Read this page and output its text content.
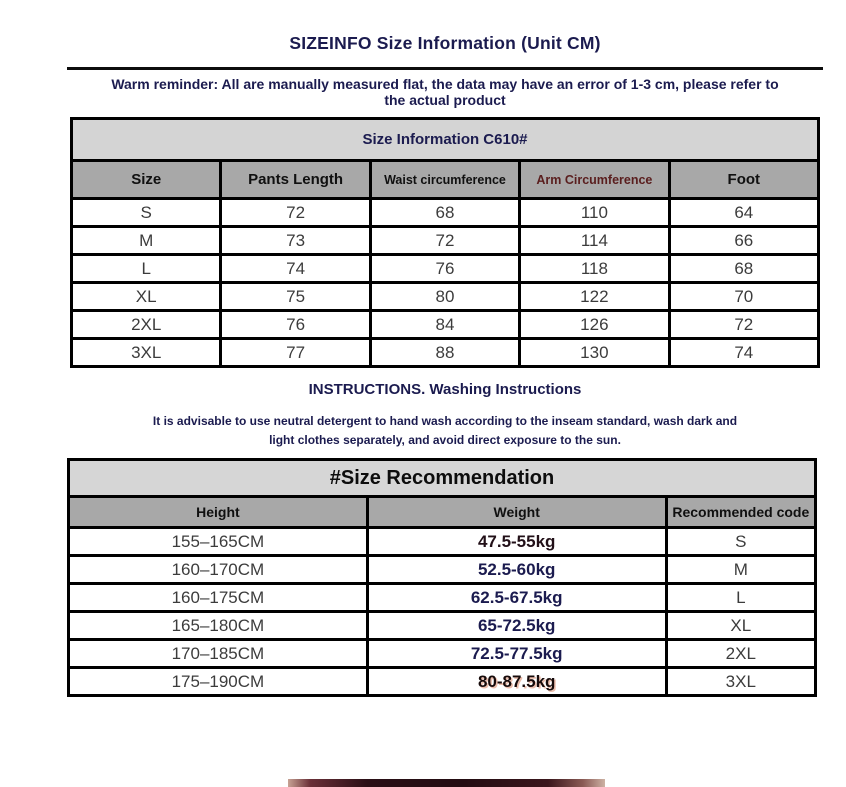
SIZEINFO Size Information (Unit CM)
Warm reminder: All are manually measured flat, the data may have an error of 1-3 cm, please refer to
the actual product
Size Information C610#				
Size	Pants Length	Waist circumference	Arm Circumference	Foot
S	72	68	110	64
M	73	72	114	66
L	74	76	118	68
XL	75	80	122	70
2XL	76	84	126	72
3XL	77	88	130	74
INSTRUCTIONS. Washing Instructions
It is advisable to use neutral detergent to hand wash according to the inseam standard, wash dark and
light clothes separately, and avoid direct exposure to the sun.
#Size Recommendation		
Height	Weight	Recommended code
155–165CM	47.5-55kg	S
160–170CM	52.5-60kg	M
160–175CM	62.5-67.5kg	L
165–180CM	65-72.5kg	XL
170–185CM	72.5-77.5kg	2XL
175–190CM	80-87.5kg	3XL
